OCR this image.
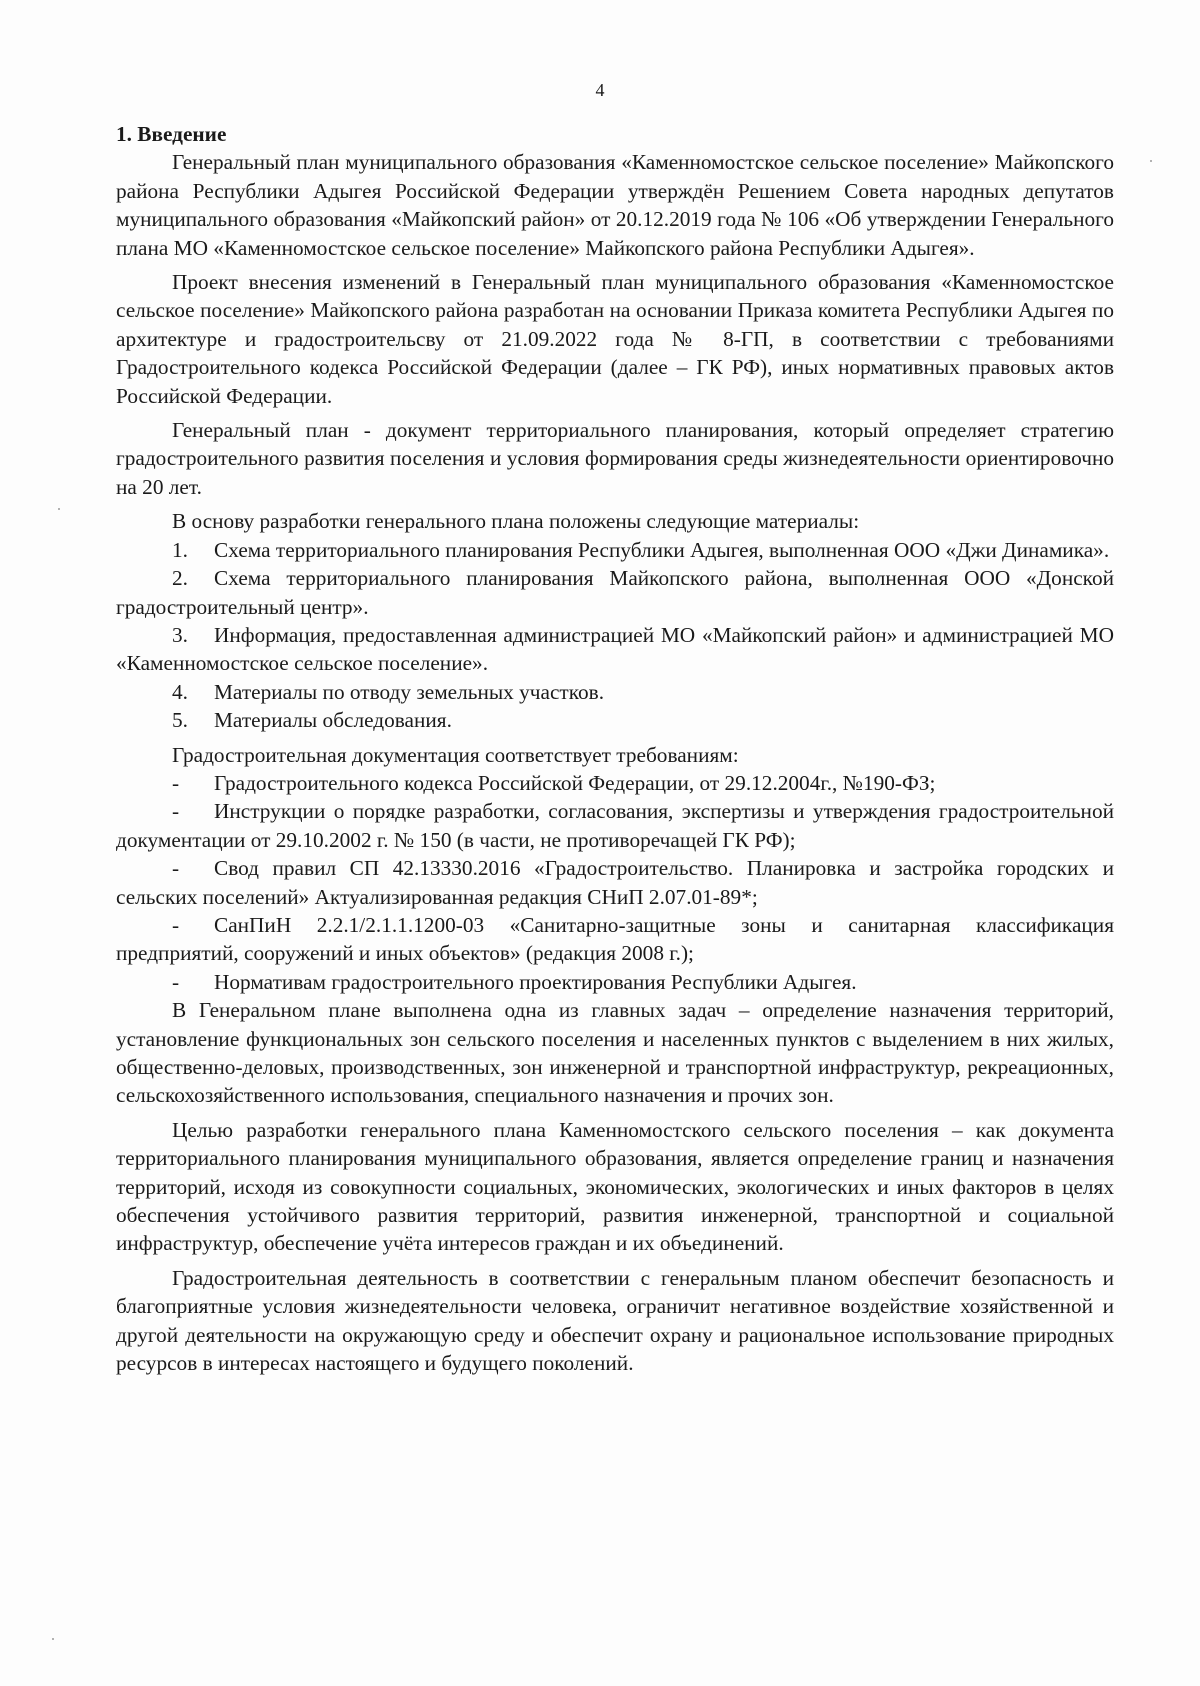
4

1. Введение

Генеральный план муниципального образования «Каменномостское сельское поселение» Майкопского района Республики Адыгея Российской Федерации утверждён Решением Совета народных депутатов муниципального образования «Майкопский район» от 20.12.2019 года № 106 «Об утверждении Генерального плана МО «Каменномостское сельское поселение» Майкопского района Республики Адыгея».

Проект внесения изменений в Генеральный план муниципального образования «Каменномостское сельское поселение» Майкопского района разработан на основании Приказа комитета Республики Адыгея по архитектуре и градостроительсву от 21.09.2022 года № 8-ГП, в соответствии с требованиями Градостроительного кодекса Российской Федерации (далее – ГК РФ), иных нормативных правовых актов Российской Федерации.

Генеральный план - документ территориального планирования, который определяет стратегию градостроительного развития поселения и условия формирования среды жизнедеятельности ориентировочно на 20 лет.

В основу разработки генерального плана положены следующие материалы:

1. Схема территориального планирования Республики Адыгея, выполненная ООО «Джи Динамика».

2. Схема территориального планирования Майкопского района, выполненная ООО «Донской градостроительный центр».

3. Информация, предоставленная администрацией МО «Майкопский район» и администрацией МО «Каменномостское сельское поселение».

4. Материалы по отводу земельных участков.

5. Материалы обследования.

Градостроительная документация соответствует требованиям:

- Градостроительного кодекса Российской Федерации, от 29.12.2004г., №190-ФЗ;

- Инструкции о порядке разработки, согласования, экспертизы и утверждения градостроительной документации от 29.10.2002 г. № 150 (в части, не противоречащей ГК РФ);

- Свод правил СП 42.13330.2016 «Градостроительство. Планировка и застройка городских и сельских поселений» Актуализированная редакция СНиП 2.07.01-89*;

- СанПиН 2.2.1/2.1.1.1200-03 «Санитарно-защитные зоны и санитарная классификация предприятий, сооружений и иных объектов» (редакция 2008 г.);

- Нормативам градостроительного проектирования Республики Адыгея.

В Генеральном плане выполнена одна из главных задач – определение назначения территорий, установление функциональных зон сельского поселения и населенных пунктов с выделением в них жилых, общественно-деловых, производственных, зон инженерной и транспортной инфраструктур, рекреационных, сельскохозяйственного использования, специального назначения и прочих зон.

Целью разработки генерального плана Каменномостского сельского поселения – как документа территориального планирования муниципального образования, является определение границ и назначения территорий, исходя из совокупности социальных, экономических, экологических и иных факторов в целях обеспечения устойчивого развития территорий, развития инженерной, транспортной и социальной инфраструктур, обеспечение учёта интересов граждан и их объединений.

Градостроительная деятельность в соответствии с генеральным планом обеспечит безопасность и благоприятные условия жизнедеятельности человека, ограничит негативное воздействие хозяйственной и другой деятельности на окружающую среду и обеспечит охрану и рациональное использование природных ресурсов в интересах настоящего и будущего поколений.
